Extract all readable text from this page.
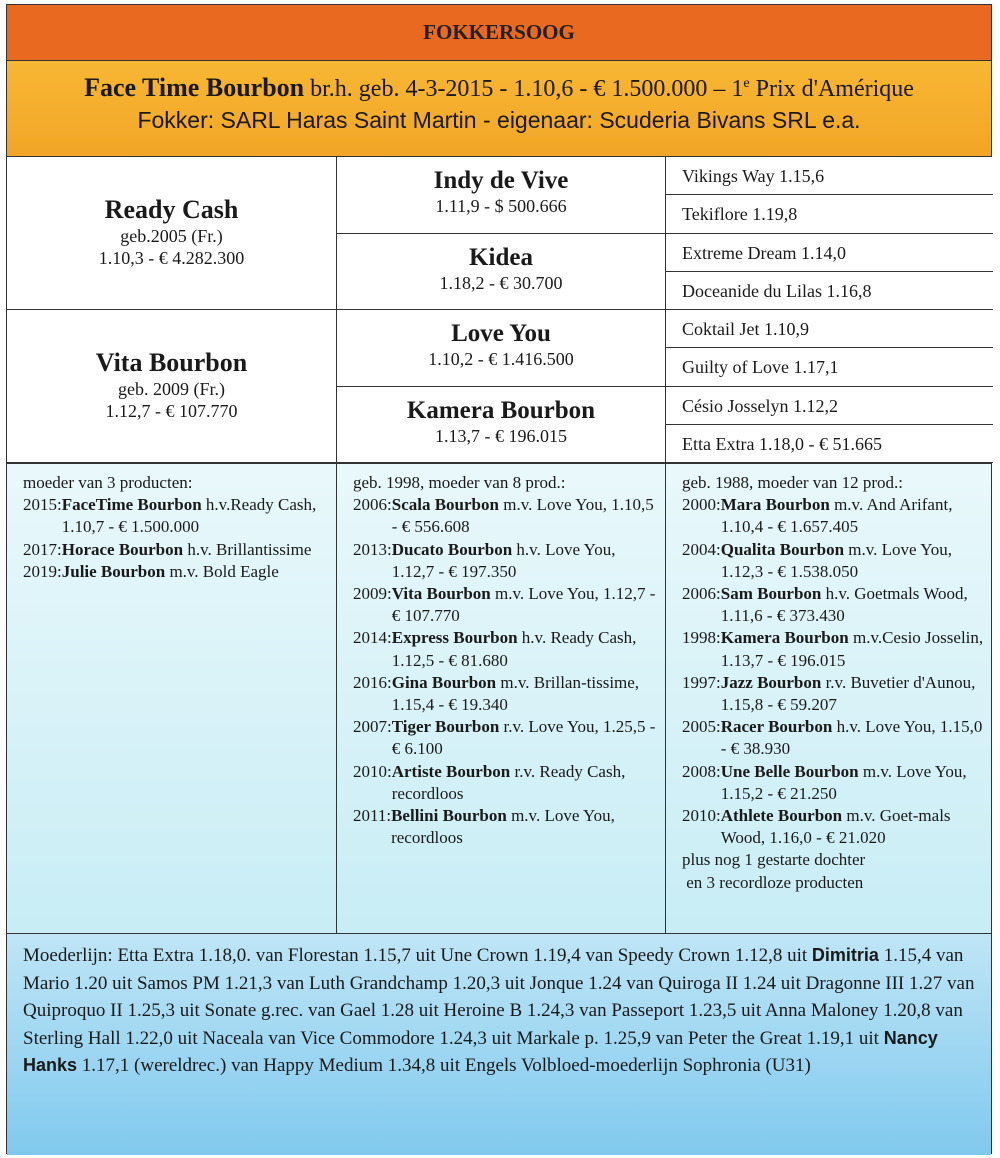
FOKKERSOOG
Face Time Bourbon br.h. geb. 4-3-2015 - 1.10,6 - € 1.500.000 – 1e Prix d'Amérique
Fokker: SARL Haras Saint Martin - eigenaar: Scuderia Bivans SRL e.a.
Ready Cash
geb.2005 (Fr.)
1.10,3 - € 4.282.300
Vita Bourbon
geb. 2009 (Fr.)
1.12,7 - € 107.770
Indy de Vive
1.11,9 - $ 500.666
Kidea
1.18,2 - € 30.700
Love You
1.10,2 - € 1.416.500
Kamera Bourbon
1.13,7 - € 196.015
Vikings Way 1.15,6
Tekiflore 1.19,8
Extreme Dream 1.14,0
Doceanide du Lilas 1.16,8
Coktail Jet 1.10,9
Guilty of Love 1.17,1
Césio Josselyn 1.12,2
Etta Extra 1.18,0 - € 51.665
moeder van 3 producten:
2015: FaceTime Bourbon h.v.Ready Cash, 1.10,7 - € 1.500.000
2017: Horace Bourbon h.v. Brillantissime
2019: Julie Bourbon m.v. Bold Eagle
geb. 1998, moeder van 8 prod.:
2006: Scala Bourbon m.v. Love You, 1.10,5 - € 556.608
2013: Ducato Bourbon h.v. Love You, 1.12,7 - € 197.350
2009: Vita Bourbon m.v. Love You, 1.12,7 - € 107.770
2014: Express Bourbon h.v. Ready Cash, 1.12,5 - € 81.680
2016: Gina Bourbon m.v. Brillan-tissime, 1.15,4 - € 19.340
2007: Tiger Bourbon r.v. Love You, 1.25,5 - € 6.100
2010: Artiste Bourbon r.v. Ready Cash, recordloos
2011: Bellini Bourbon m.v. Love You, recordloos
geb. 1988, moeder van 12 prod.:
2000: Mara Bourbon m.v. And Arifant, 1.10,4 - € 1.657.405
2004: Qualita Bourbon m.v. Love You, 1.12,3 - € 1.538.050
2006: Sam Bourbon h.v. Goetmals Wood, 1.11,6 - € 373.430
1998: Kamera Bourbon m.v.Cesio Josselin, 1.13,7 - € 196.015
1997: Jazz Bourbon r.v. Buvetier d'Aunou, 1.15,8 - € 59.207
2005: Racer Bourbon h.v. Love You, 1.15,0 - € 38.930
2008: Une Belle Bourbon m.v. Love You, 1.15,2 - € 21.250
2010: Athlete Bourbon m.v. Goet-mals Wood, 1.16,0 - € 21.020
plus nog 1 gestarte dochter
en 3 recordloze producten
Moederlijn: Etta Extra 1.18,0. van Florestan 1.15,7 uit Une Crown 1.19,4 van Speedy Crown 1.12,8 uit Dimitria 1.15,4 van Mario 1.20 uit Samos PM 1.21,3 van Luth Grandchamp 1.20,3 uit Jonque 1.24 van Quiroga II 1.24 uit Dragonne III 1.27 van Quiproquo II 1.25,3 uit Sonate g.rec. van Gael 1.28 uit Heroine B 1.24,3 van Passeport 1.23,5 uit Anna Maloney 1.20,8 van Sterling Hall 1.22,0 uit Naceala van Vice Commodore 1.24,3 uit Markale p. 1.25,9 van Peter the Great 1.19,1 uit Nancy Hanks 1.17,1 (wereldrec.) van Happy Medium 1.34,8 uit Engels Volbloed-moederlijn Sophronia (U31)
